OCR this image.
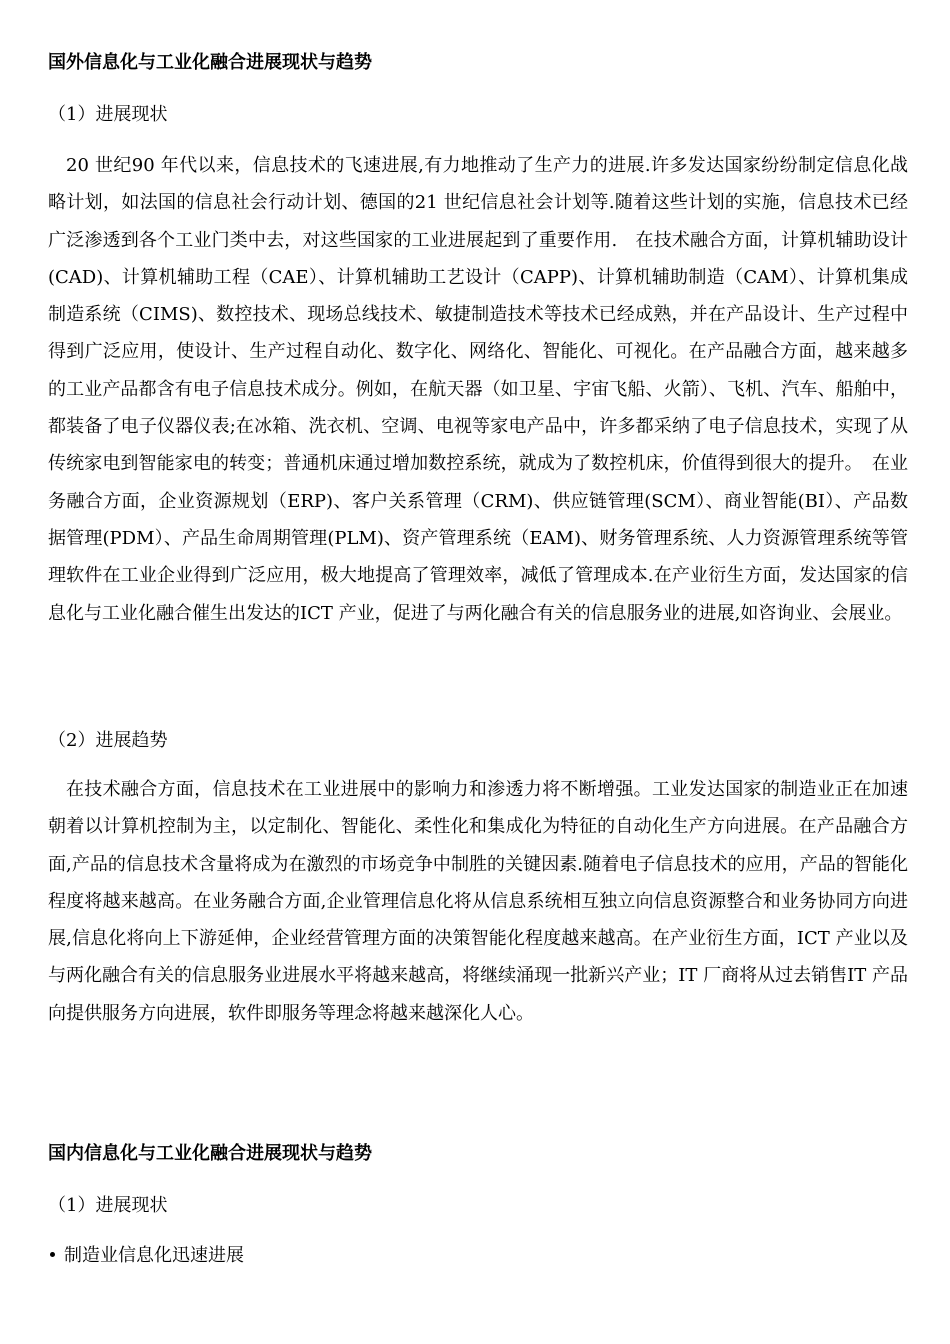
国外信息化与工业化融合进展现状与趋势
（1）进展现状

20 世纪90 年代以来，信息技术的飞速进展,有力地推动了生产力的进展.许多发达国家纷纷制定信息化战略计划，如法国的信息社会行动计划、德国的21 世纪信息社会计划等.随着这些计划的实施，信息技术已经广泛渗透到各个工业门类中去，对这些国家的工业进展起到了重要作用.　在技术融合方面，计算机辅助设计(CAD)、计算机辅助工程（CAE）、计算机辅助工艺设计（CAPP)、计算机辅助制造（CAM）、计算机集成制造系统（CIMS)、数控技术、现场总线技术、敏捷制造技术等技术已经成熟，并在产品设计、生产过程中得到广泛应用，使设计、生产过程自动化、数字化、网络化、智能化、可视化。在产品融合方面，越来越多的工业产品都含有电子信息技术成分。例如，在航天器（如卫星、宇宙飞船、火箭）、飞机、汽车、船舶中，都装备了电子仪器仪表;在冰箱、洗衣机、空调、电视等家电产品中，许多都采纳了电子信息技术，实现了从传统家电到智能家电的转变；普通机床通过增加数控系统，就成为了数控机床，价值得到很大的提升。　在业务融合方面，企业资源规划（ERP)、客户关系管理（CRM)、供应链管理(SCM）、商业智能(BI）、产品数据管理(PDM）、产品生命周期管理(PLM)、资产管理系统（EAM)、财务管理系统、人力资源管理系统等管理软件在工业企业得到广泛应用，极大地提高了管理效率，减低了管理成本.在产业衍生方面，发达国家的信息化与工业化融合催生出发达的ICT 产业，促进了与两化融合有关的信息服务业的进展,如咨询业、会展业。

（2）进展趋势

在技术融合方面，信息技术在工业进展中的影响力和渗透力将不断增强。工业发达国家的制造业正在加速朝着以计算机控制为主，以定制化、智能化、柔性化和集成化为特征的自动化生产方向进展。在产品融合方面,产品的信息技术含量将成为在激烈的市场竞争中制胜的关键因素.随着电子信息技术的应用，产品的智能化程度将越来越高。在业务融合方面,企业管理信息化将从信息系统相互独立向信息资源整合和业务协同方向进展,信息化将向上下游延伸，企业经营管理方面的决策智能化程度越来越高。在产业衍生方面，ICT 产业以及与两化融合有关的信息服务业进展水平将越来越高，将继续涌现一批新兴产业；IT 厂商将从过去销售IT 产品向提供服务方向进展，软件即服务等理念将越来越深化人心。

国内信息化与工业化融合进展现状与趋势
（1）进展现状
制造业信息化迅速进展
